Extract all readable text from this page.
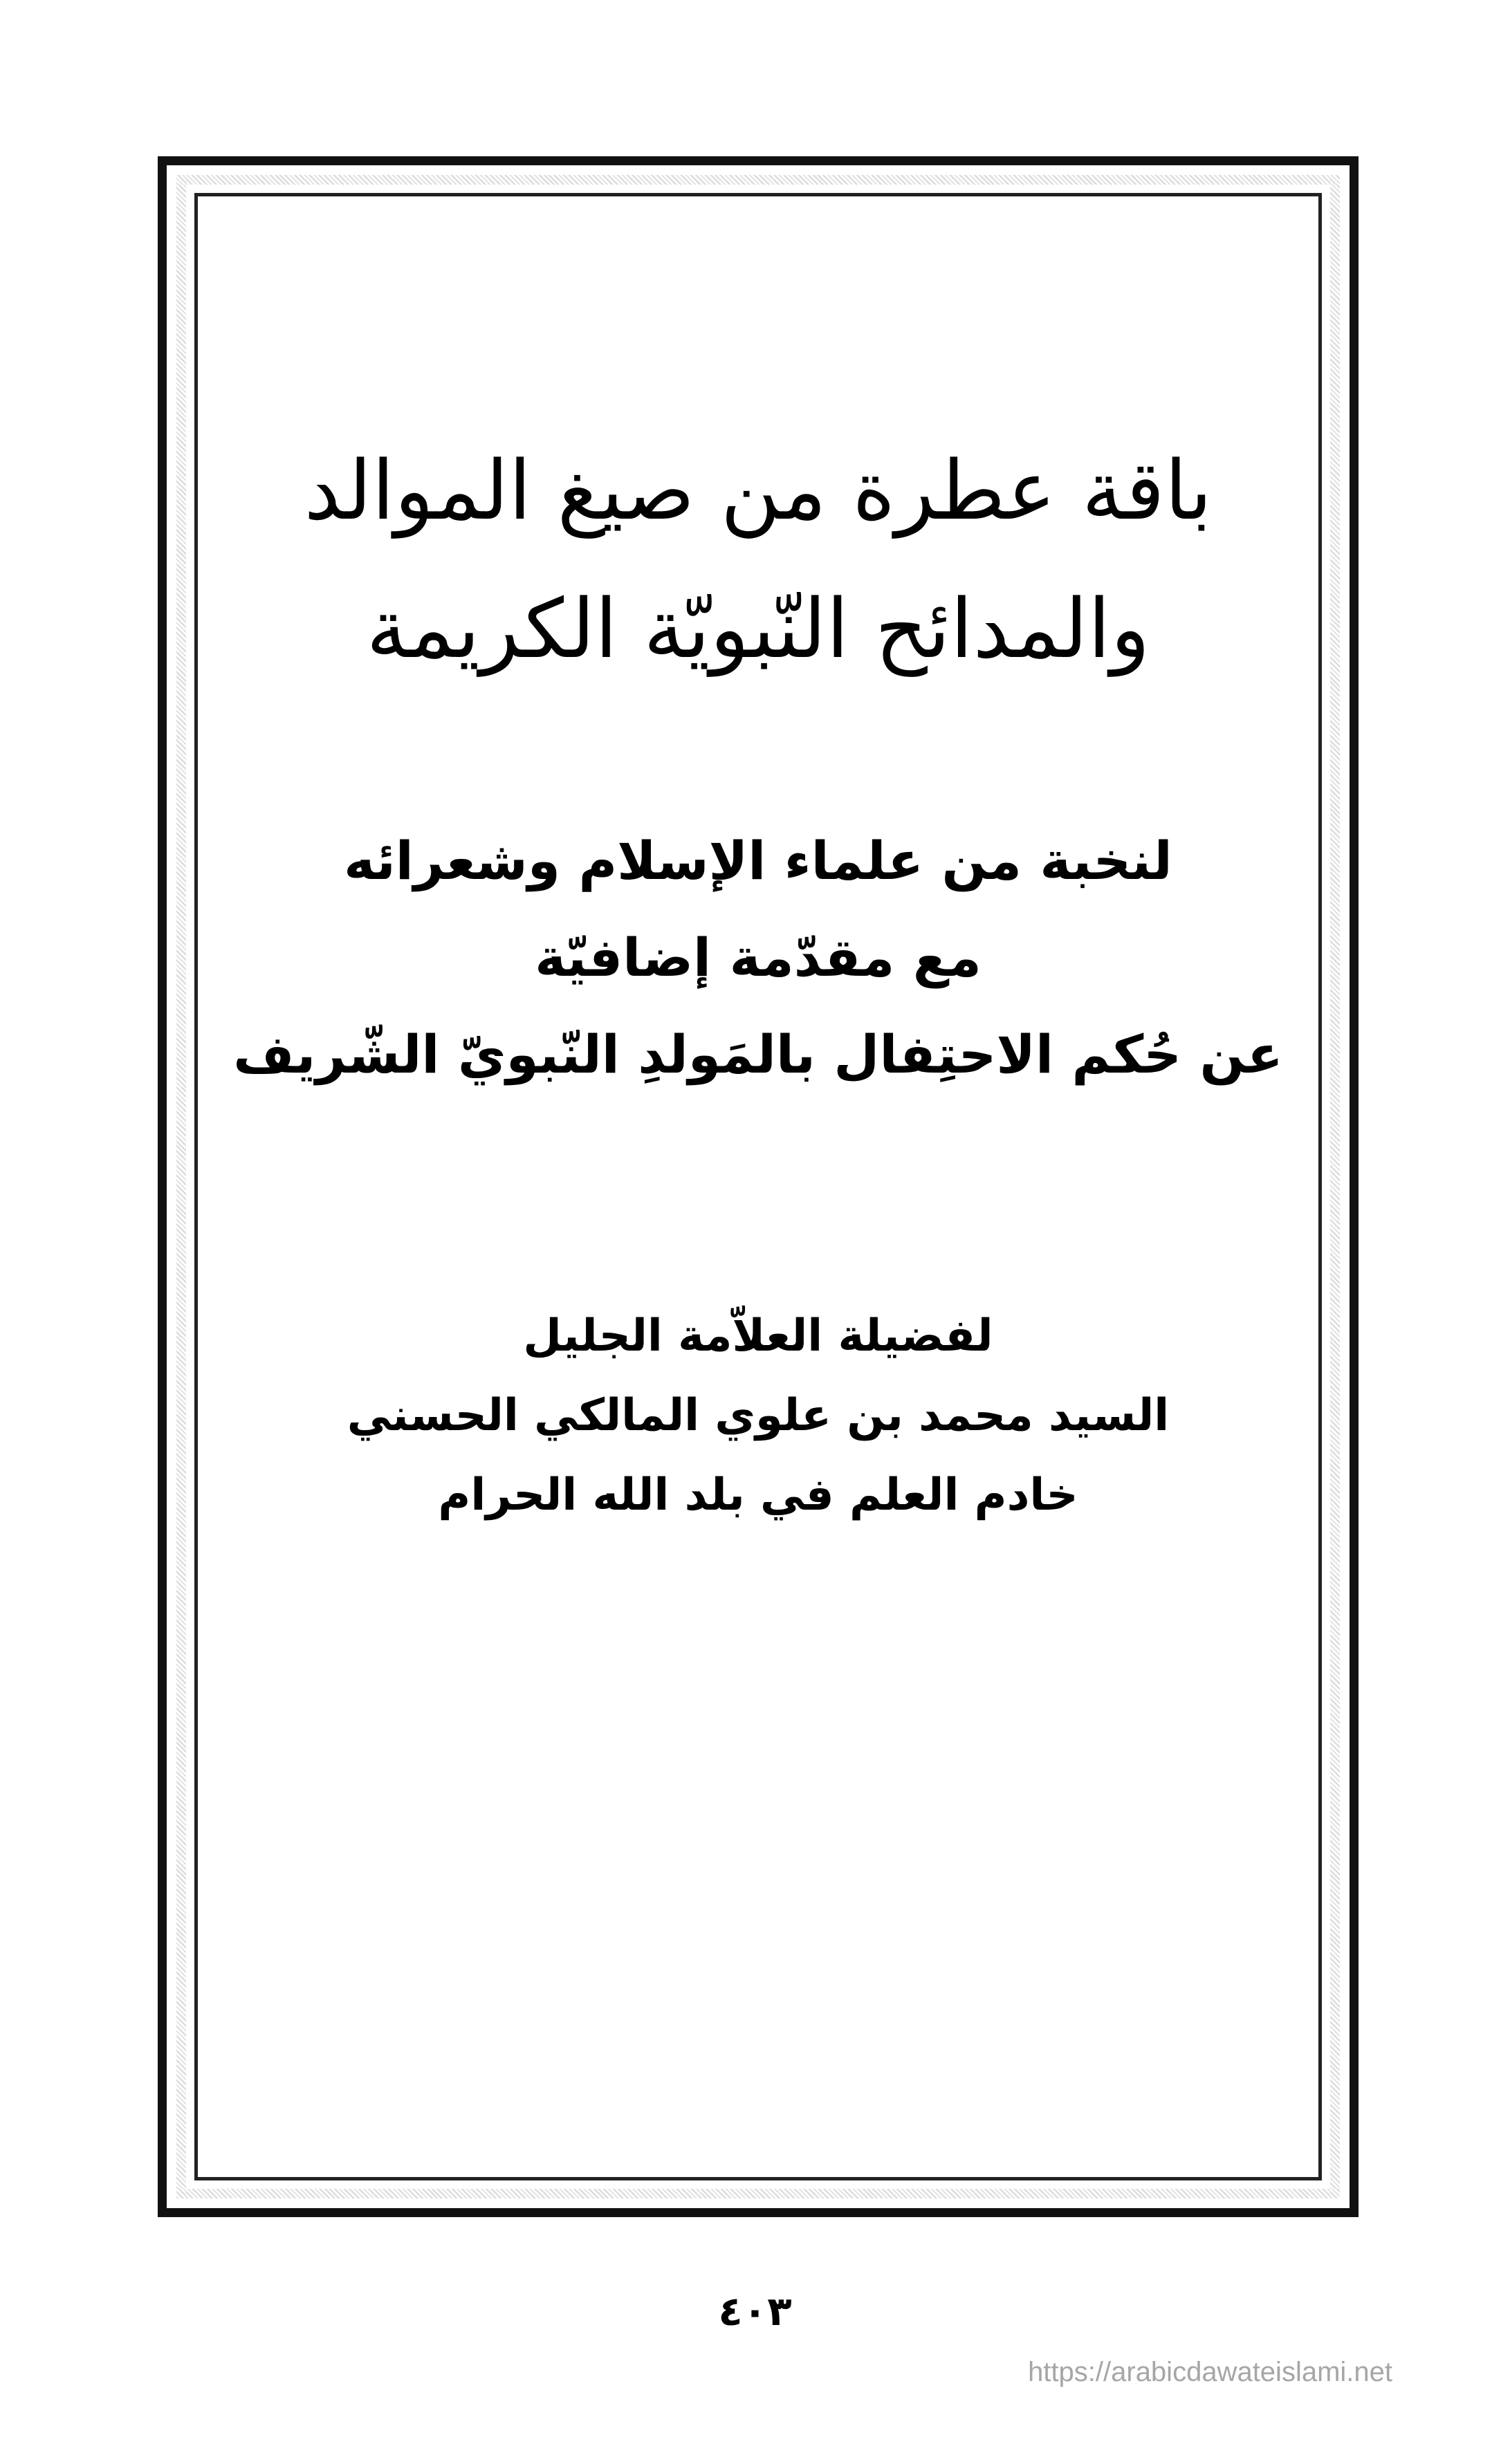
باقة عطرة من صيغ الموالد
والمدائح النّبويّة الكريمة
لنخبة من علماء الإسلام وشعرائه
مع مقدّمة إضافيّة
عن حُكم الاحتِفال بالمَولدِ النّبويّ الشّريف
لفضيلة العلاّمة الجليل
السيد محمد بن علوي المالكي الحسني
خادم العلم في بلد الله الحرام
٤٠٣
https://arabicdawateislami.net
